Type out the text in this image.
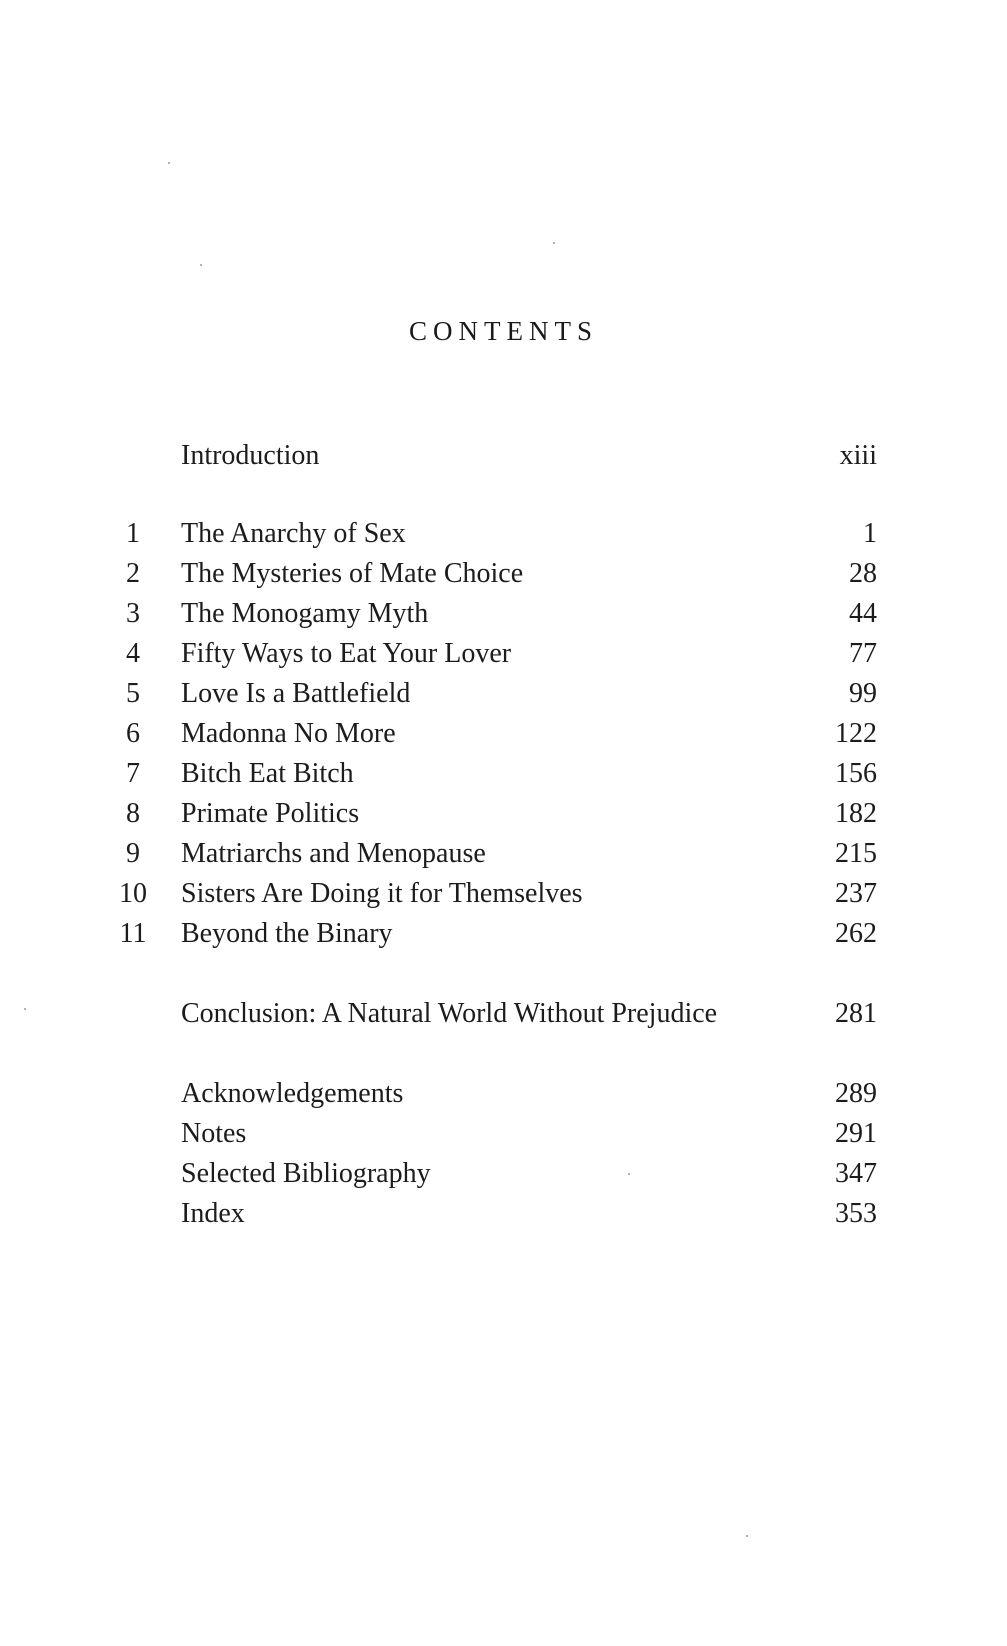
CONTENTS
Introduction	xiii
1	The Anarchy of Sex	1
2	The Mysteries of Mate Choice	28
3	The Monogamy Myth	44
4	Fifty Ways to Eat Your Lover	77
5	Love Is a Battlefield	99
6	Madonna No More	122
7	Bitch Eat Bitch	156
8	Primate Politics	182
9	Matriarchs and Menopause	215
10	Sisters Are Doing it for Themselves	237
11	Beyond the Binary	262
Conclusion: A Natural World Without Prejudice	281
Acknowledgements	289
Notes	291
Selected Bibliography	347
Index	353
